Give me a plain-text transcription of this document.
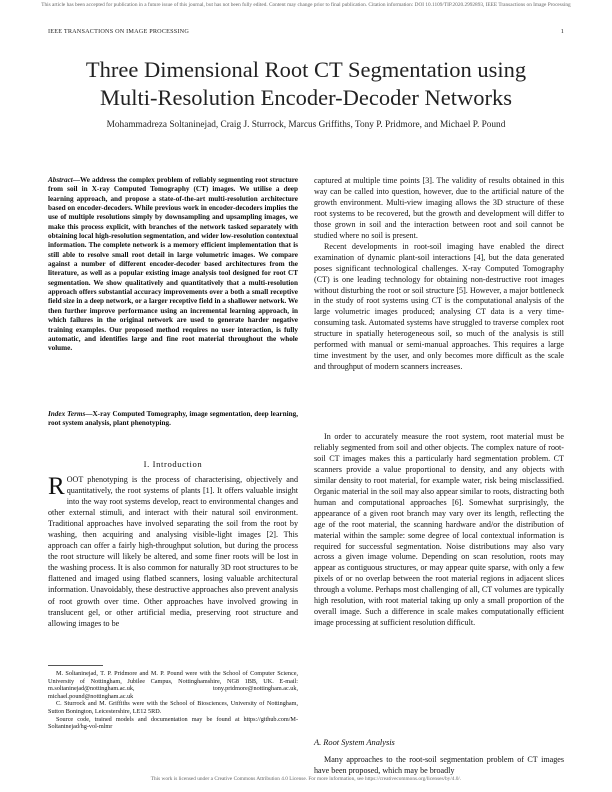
This article has been accepted for publication in a future issue of this journal, but has not been fully edited. Content may change prior to final publication. Citation information: DOI 10.1109/TIP.2020.2992893, IEEE Transactions on Image Processing
IEEE TRANSACTIONS ON IMAGE PROCESSING	1
Three Dimensional Root CT Segmentation using
Multi-Resolution Encoder-Decoder Networks
Mohammadreza Soltaninejad, Craig J. Sturrock, Marcus Griffiths, Tony P. Pridmore, and Michael P. Pound
Abstract—We address the complex problem of reliably segmenting root structure from soil in X-ray Computed Tomography (CT) images. We utilise a deep learning approach, and propose a state-of-the-art multi-resolution architecture based on encoder-decoders. While previous work in encoder-decoders implies the use of multiple resolutions simply by downsampling and upsampling images, we make this process explicit, with branches of the network tasked separately with obtaining local high-resolution segmentation, and wider low-resolution contextual information. The complete network is a memory efficient implementation that is still able to resolve small root detail in large volumetric images. We compare against a number of different encoder-decoder based architectures from the literature, as well as a popular existing image analysis tool designed for root CT segmentation. We show qualitatively and quantitatively that a multi-resolution approach offers substantial accuracy improvements over a both a small receptive field size in a deep network, or a larger receptive field in a shallower network. We then further improve performance using an incremental learning approach, in which failures in the original network are used to generate harder negative training examples. Our proposed method requires no user interaction, is fully automatic, and identifies large and fine root material throughout the whole volume.
Index Terms—X-ray Computed Tomography, image segmentation, deep learning, root system analysis, plant phenotyping.
I. Introduction
ROOT phenotyping is the process of characterising, objectively and quantitatively, the root systems of plants [1]. It offers valuable insight into the way root systems develop, react to environmental changes and other external stimuli, and interact with their natural soil environment. Traditional approaches have involved separating the soil from the root by washing, then acquiring and analysing visible-light images [2]. This approach can offer a fairly high-throughput solution, but during the process the root structure will likely be altered, and some finer roots will be lost in the washing process. It is also common for naturally 3D root structures to be flattened and imaged using flatbed scanners, losing valuable architectural information. Unavoidably, these destructive approaches also prevent analysis of root growth over time. Other approaches have involved growing in translucent gel, or other artificial media, preserving root structure and allowing images to be

M. Soltaninejad, T. P. Pridmore and M. P. Pound were with the School of Computer Science, University of Nottingham, Jubilee Campus, Nottinghamshire, NG8 1BB, UK. E-mail: m.soltaninejad@nottingham.ac.uk, tony.pridmore@nottingham.ac.uk, michael.pound@nottingham.ac.uk

C. Sturrock and M. Griffiths were with the School of Biosciences, University of Nottingham, Sutton Bonington, Leicestershire, LE12 5RD.

Source code, trained models and documentation may be found at https://github.com/M-Soltaninejad/hg-vol-mlmr

captured at multiple time points [3]. The validity of results obtained in this way can be called into question, however, due to the artificial nature of the growth environment. Multi-view imaging allows the 3D structure of these root systems to be recovered, but the growth and development will differ to those grown in soil and the interaction between root and soil cannot be studied where no soil is present.

Recent developments in root-soil imaging have enabled the direct examination of dynamic plant-soil interactions [4], but the data generated poses significant technological challenges. X-ray Computed Tomography (CT) is one leading technology for obtaining non-destructive root images without disturbing the root or soil structure [5]. However, a major bottleneck in the study of root systems using CT is the computational analysis of the large volumetric images produced; analysing CT data is a very time-consuming task. Automated systems have struggled to traverse complex root structure in spatially heterogeneous soil, so much of the analysis is still performed with manual or semi-manual approaches. This requires a large time investment by the user, and only becomes more difficult as the scale and throughput of modern scanners increases.

In order to accurately measure the root system, root material must be reliably segmented from soil and other objects. The complex nature of root-soil CT images makes this a particularly hard segmentation problem. CT scanners provide a value proportional to density, and any objects with similar density to root material, for example water, risk being misclassified. Organic material in the soil may also appear similar to roots, distracting both human and computational approaches [6]. Somewhat surprisingly, the appearance of a given root branch may vary over its length, reflecting the age of the root material, the scanning hardware and/or the distribution of material within the sample: some degree of local contextual information is required for successful segmentation. Noise distributions may also vary across a given image volume. Depending on scan resolution, roots may appear as contiguous structures, or may appear quite sparse, with only a few pixels of or no overlap between the root material regions in adjacent slices through a volume. Perhaps most challenging of all, CT volumes are typically high resolution, with root material taking up only a small proportion of the overall image. Such a difference in scale makes computationally efficient image processing at sufficient resolution difficult.

A. Root System Analysis

Many approaches to the root-soil segmentation problem of CT images have been proposed, which may be broadly

This work is licensed under a Creative Commons Attribution 4.0 License. For more information, see https://creativecommons.org/licenses/by/4.0/.
